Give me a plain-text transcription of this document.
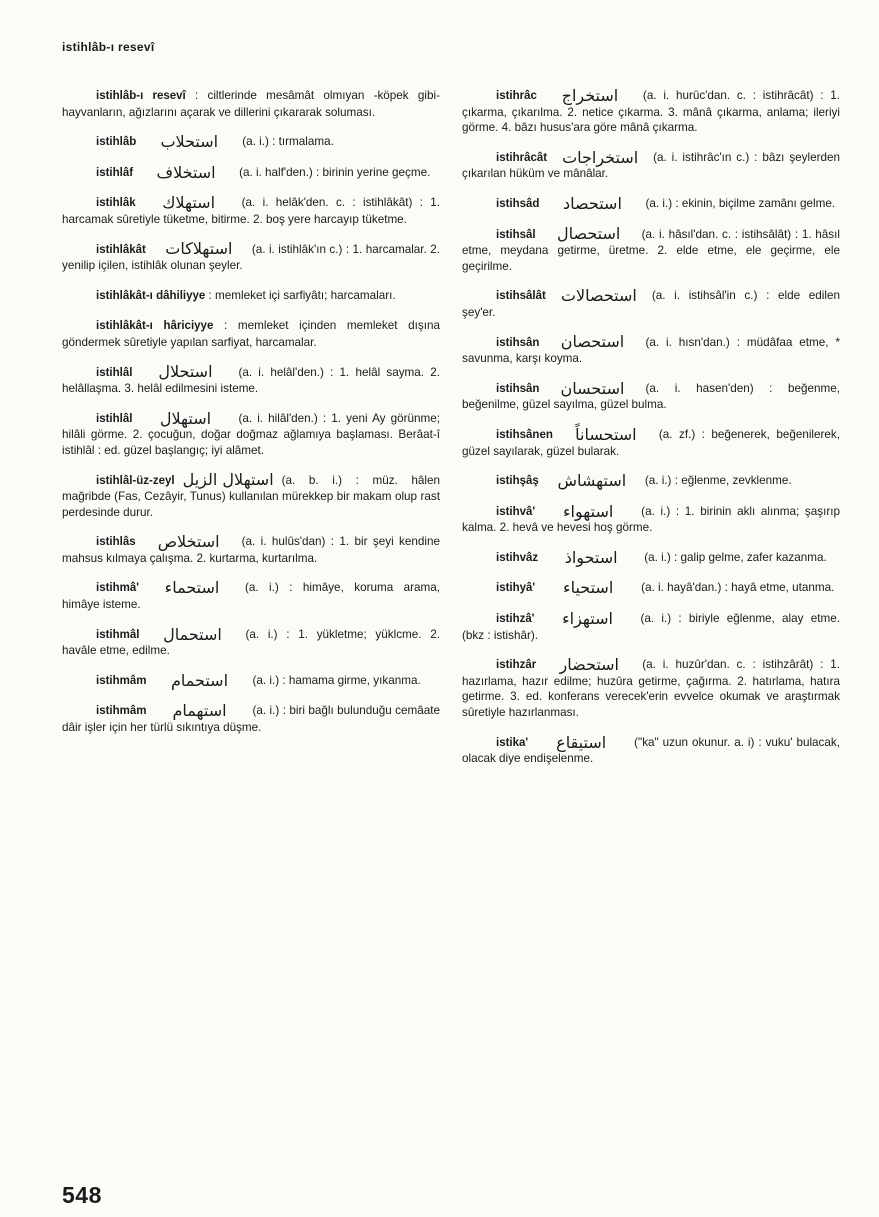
istihlâb-ı resevî
istihlâb-ı resevî : ciltlerinde mesâmât olmıyan -köpek gibi- hayvanların, ağızlarını açarak ve dillerini çıkararak soluması.
istihlâb استحلاب (a. i.) : tırmalama.
istihlâf استخلاف (a. i. half'den.) : birinin yerine geçme.
istihlâk استهلاك (a. i. helâk'den. c. : istihlâkât) : 1. harcamak sûretiyle tüketme, bitirme. 2. boş yere harcayıp tüketme.
istihlâkât استهلاكات (a. i. istihlâk'ın c.) : 1. harcamalar. 2. yenilip içilen, istihlâk olunan şeyler.
istihlâkât-ı dâhiliyye : memleket içi sarfiyâtı; harcamaları.
istihlâkât-ı hâriciyye : memleket içinden memleket dışına göndermek sûretiyle yapılan sarfiyat, harcamalar.
istihlâl استحلال (a. i. helâl'den.) : 1. helâl sayma. 2. helâllaşma. 3. helâl edilmesini isteme.
istihlâl استهلال (a. i. hilâl'den.) : 1. yeni Ay görünme; hilâli görme. 2. çocuğun, doğar doğmaz ağlamıya başlaması. Berâat-î istihlâl : ed. güzel başlangıç; iyi alâmet.
istihlâl-üz-zeyl استهلال الزيل (a. b. i.) : müz. hâlen mağribde (Fas, Cezâyir, Tunus) kullanılan mürekkep bir makam olup rast perdesinde durur.
istihlâs استخلاص (a. i. hulûs'dan) : 1. bir şeyi kendine mahsus kılmaya çalışma. 2. kurtarma, kurtarılma.
istihmâ' استحماء (a. i.) : himâye, koruma arama, himâye isteme.
istihmâl استحمال (a. i.) : 1. yükletme; yüklcme. 2. havâle etme, edilme.
istihmâm استحمام (a. i.) : hamama girme, yıkanma.
istihmâm استهمام (a. i.) : biri bağlı bulunduğu cemâate dâir işler için her türlü sıkıntıya düşme.
istihrâc استخراج (a. i. hurûc'dan. c. : istihrâcât) : 1. çıkarma, çıkarılma. 2. netice çıkarma. 3. mânâ çıkarma, anlama; ileriyi görme. 4. bâzı husus'ara göre mânâ çıkarma.
istihrâcât استخراجات (a. i. istihrâc'ın c.) : bâzı şeylerden çıkarılan hüküm ve mânâlar.
istihsâd استحصاد (a. i.) : ekinin, biçilme zamânı gelme.
istihsâl استحصال (a. i. hâsıl'dan. c. : istihsâlât) : 1. hâsıl etme, meydana getirme, üretme. 2. elde etme, ele geçirme, ele geçirilme.
istihsâlât استحصالات (a. i. istihsâl'in c.) : elde edilen şey'er.
istihsân استحصان (a. i. hısn'dan.) : müdâfaa etme, * savunma, karşı koyma.
istihsân استحسان (a. i. hasen'den) : beğenme, beğenilme, güzel sayılma, güzel bulma.
istihsânen استحساناً (a. zf.) : beğenerek, beğenilerek, güzel sayılarak, güzel bularak.
istihşâş استهشاش (a. i.) : eğlenme, zevklenme.
istihvâ' استهواء (a. i.) : 1. birinin aklı alınma; şaşırıp kalma. 2. hevâ ve hevesi hoş görme.
istihvâz استحواذ (a. i.) : galip gelme, zafer kazanma.
istihyâ' استحياء (a. i. hayâ'dan.) : hayâ etme, utanma.
istihzâ' استهزاء (a. i.) : biriyle eğlenme, alay etme. (bkz : istishâr).
istihzâr استحضار (a. i. huzûr'dan. c. : istihzârât) : 1. hazırlama, hazır edilme; huzûra getirme, çağırma. 2. hatırlama, hatıra getirme. 3. ed. konferans verecek'erin evvelce okumak ve araştırmak sûretiyle hazırlanması.
istika' استيقاع ("ka" uzun okunur. a. i) : vuku' bulacak, olacak diye endişelenme.
548
